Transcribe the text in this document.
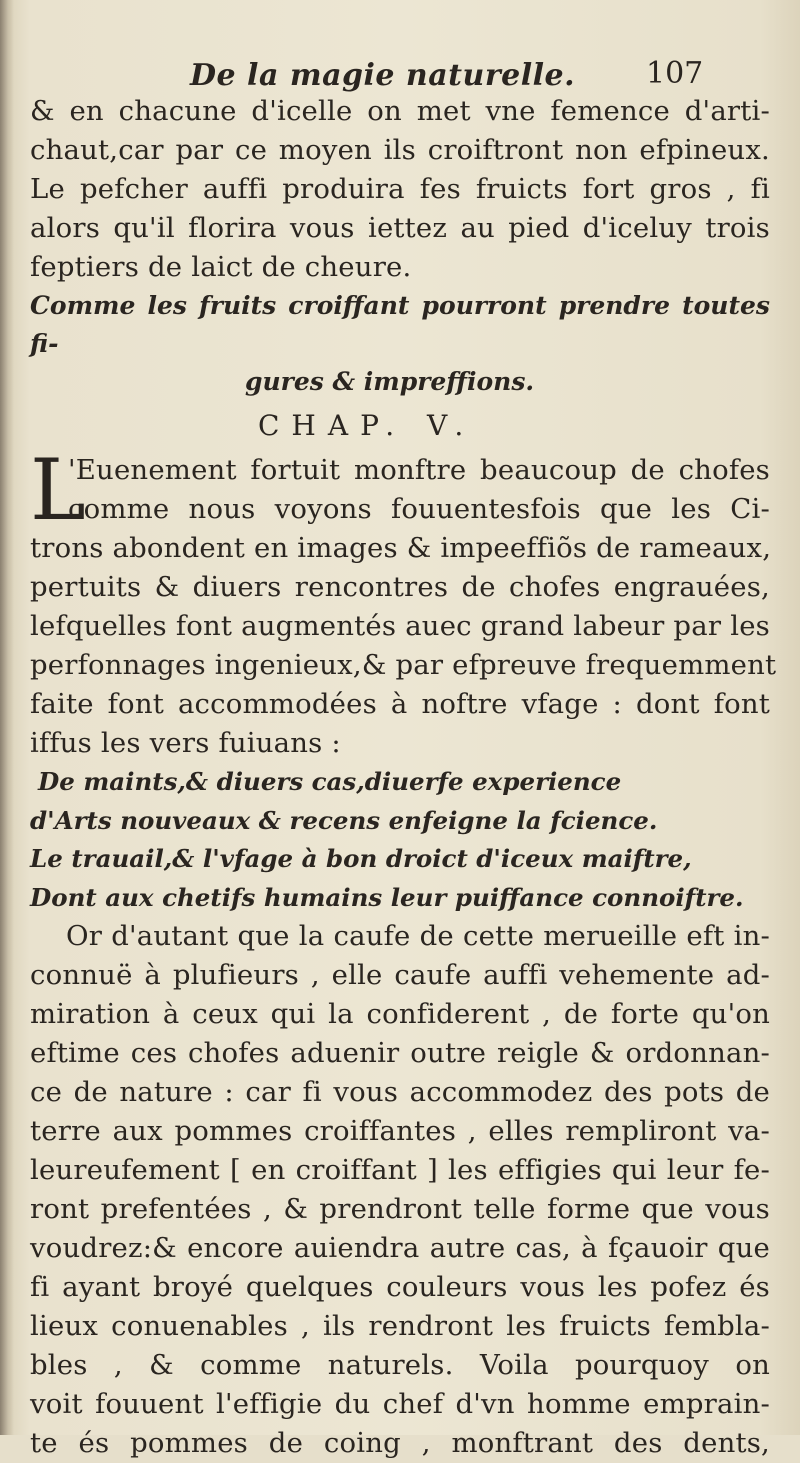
De la magie naturelle. 107
& en chacune d'icelle on met vne femence d'arti-
chaut,car par ce moyen ils croiftront non efpineux.
Le pefcher auffi produira fes fruicts fort gros , fi
alors qu'il florira vous iettez au pied d'iceluy trois
feptiers de laict de cheure.
Comme les fruits croiffant pourront prendre toutes fi-
gures & impreffions.
CHAP. V.
L
'Euenement fortuit monftre beaucoup de chofes
comme nous voyons fouuentesfois que les Ci-
trons abondent en images & impeeffiõs de rameaux,
pertuits & diuers rencontres de chofes engrauées,
lefquelles font augmentés auec grand labeur par les
perfonnages ingenieux,& par efpreuve frequemment
faite font accommodées à noftre vfage : dont font
iffus les vers fuiuans :
De maints,& diuers cas,diuerfe experience
d'Arts nouveaux & recens enfeigne la fcience.
Le trauail,& l'vfage à bon droict d'iceux maiftre,
Dont aux chetifs humains leur puiffance connoiftre.
Or d'autant que la caufe de cette merueille eft in-
connuë à plufieurs , elle caufe auffi vehemente ad-
miration à ceux qui la confiderent , de forte qu'on
eftime ces chofes aduenir outre reigle & ordonnan-
ce de nature : car fi vous accommodez des pots de
terre aux pommes croiffantes , elles rempliront va-
leureufement [ en croiffant ] les effigies qui leur fe-
ront prefentées , & prendront telle forme que vous
voudrez:& encore auiendra autre cas, à fçauoir que
fi ayant broyé quelques couleurs vous les pofez és
lieux conuenables , ils rendront les fruicts fembla-
bles , & comme naturels. Voila pourquoy on
voit fouuent l'effigie du chef d'vn homme emprain-
te és pommes de coing , monftrant des dents,
